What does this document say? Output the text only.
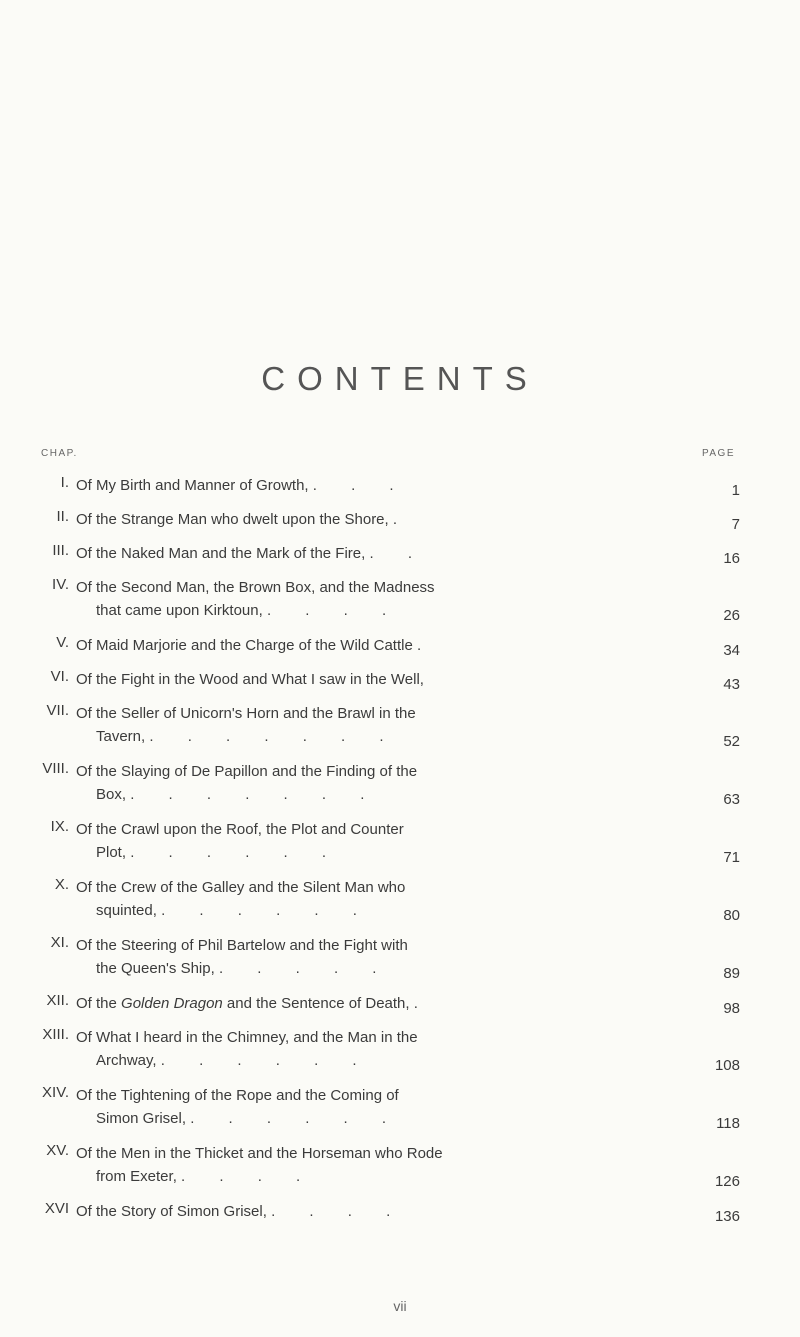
CONTENTS
CHAP.	PAGE
I. Of My Birth and Manner of Growth, . . .	1
II. Of the Strange Man who dwelt upon the Shore, .	7
III. Of the Naked Man and the Mark of the Fire, . .	16
IV. Of the Second Man, the Brown Box, and the Madness
that came upon Kirktoun, . . . .	26
V. Of Maid Marjorie and the Charge of the Wild Cattle .	34
VI. Of the Fight in the Wood and What I saw in the Well,	43
VII. Of the Seller of Unicorn's Horn and the Brawl in the
Tavern, . . . . . . .	52
VIII. Of the Slaying of De Papillon and the Finding of the
Box, . . . . . . .	63
IX. Of the Crawl upon the Roof, the Plot and Counter
Plot, . . . . . .	71
X. Of the Crew of the Galley and the Silent Man who
squinted, . . . . . .	80
XI. Of the Steering of Phil Bartelow and the Fight with
the Queen's Ship, . . . . .	89
XII. Of the Golden Dragon and the Sentence of Death, .	98
XIII. Of What I heard in the Chimney, and the Man in the
Archway, . . . . . .	108
XIV. Of the Tightening of the Rope and the Coming of
Simon Grisel, . . . . . .	118
XV. Of the Men in the Thicket and the Horseman who Rode
from Exeter, . . . .	126
XVI Of the Story of Simon Grisel, . . . .	136
vii
